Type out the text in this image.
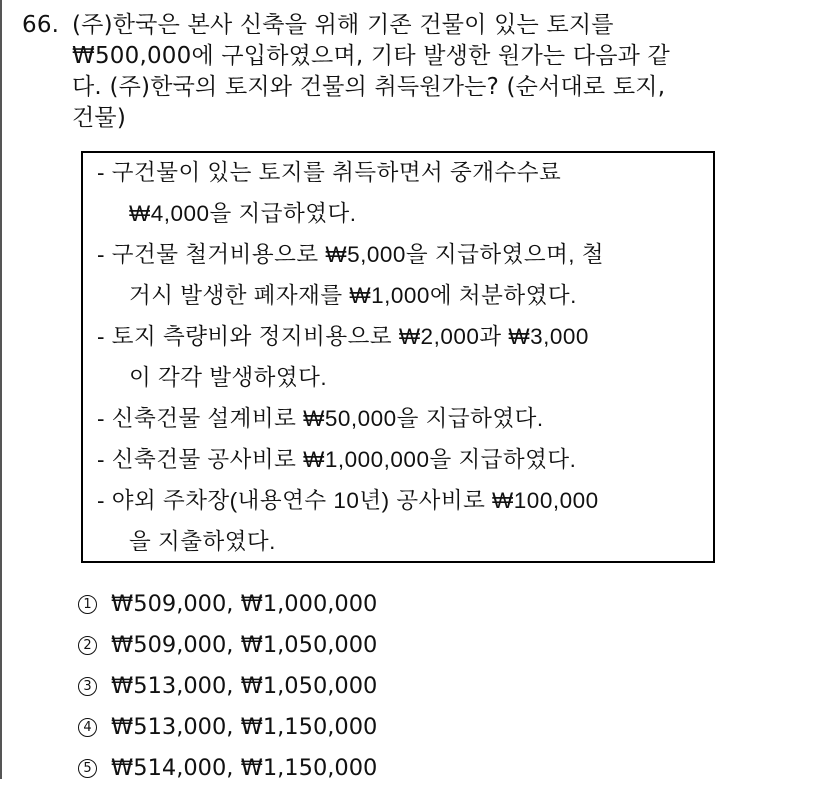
66. (주)한국은 본사 신축을 위해 기존 건물이 있는 토지를
₩500,000에 구입하였으며, 기타 발생한 원가는 다음과 같
다. (주)한국의 토지와 건물의 취득원가는? (순서대로 토지,
건물)
- 구건물이 있는 토지를 취득하면서 중개수수료
₩4,000을 지급하였다.
- 구건물 철거비용으로 ₩5,000을 지급하였으며, 철
거시 발생한 폐자재를 ₩1,000에 처분하였다.
- 토지 측량비와 정지비용으로 ₩2,000과 ₩3,000
이 각각 발생하였다.
- 신축건물 설계비로 ₩50,000을 지급하였다.
- 신축건물 공사비로 ₩1,000,000을 지급하였다.
- 야외 주차장(내용연수 10년) 공사비로 ₩100,000
을 지출하였다.
1 ₩509,000, ₩1,000,000
2 ₩509,000, ₩1,050,000
3 ₩513,000, ₩1,050,000
4 ₩513,000, ₩1,150,000
5 ₩514,000, ₩1,150,000
